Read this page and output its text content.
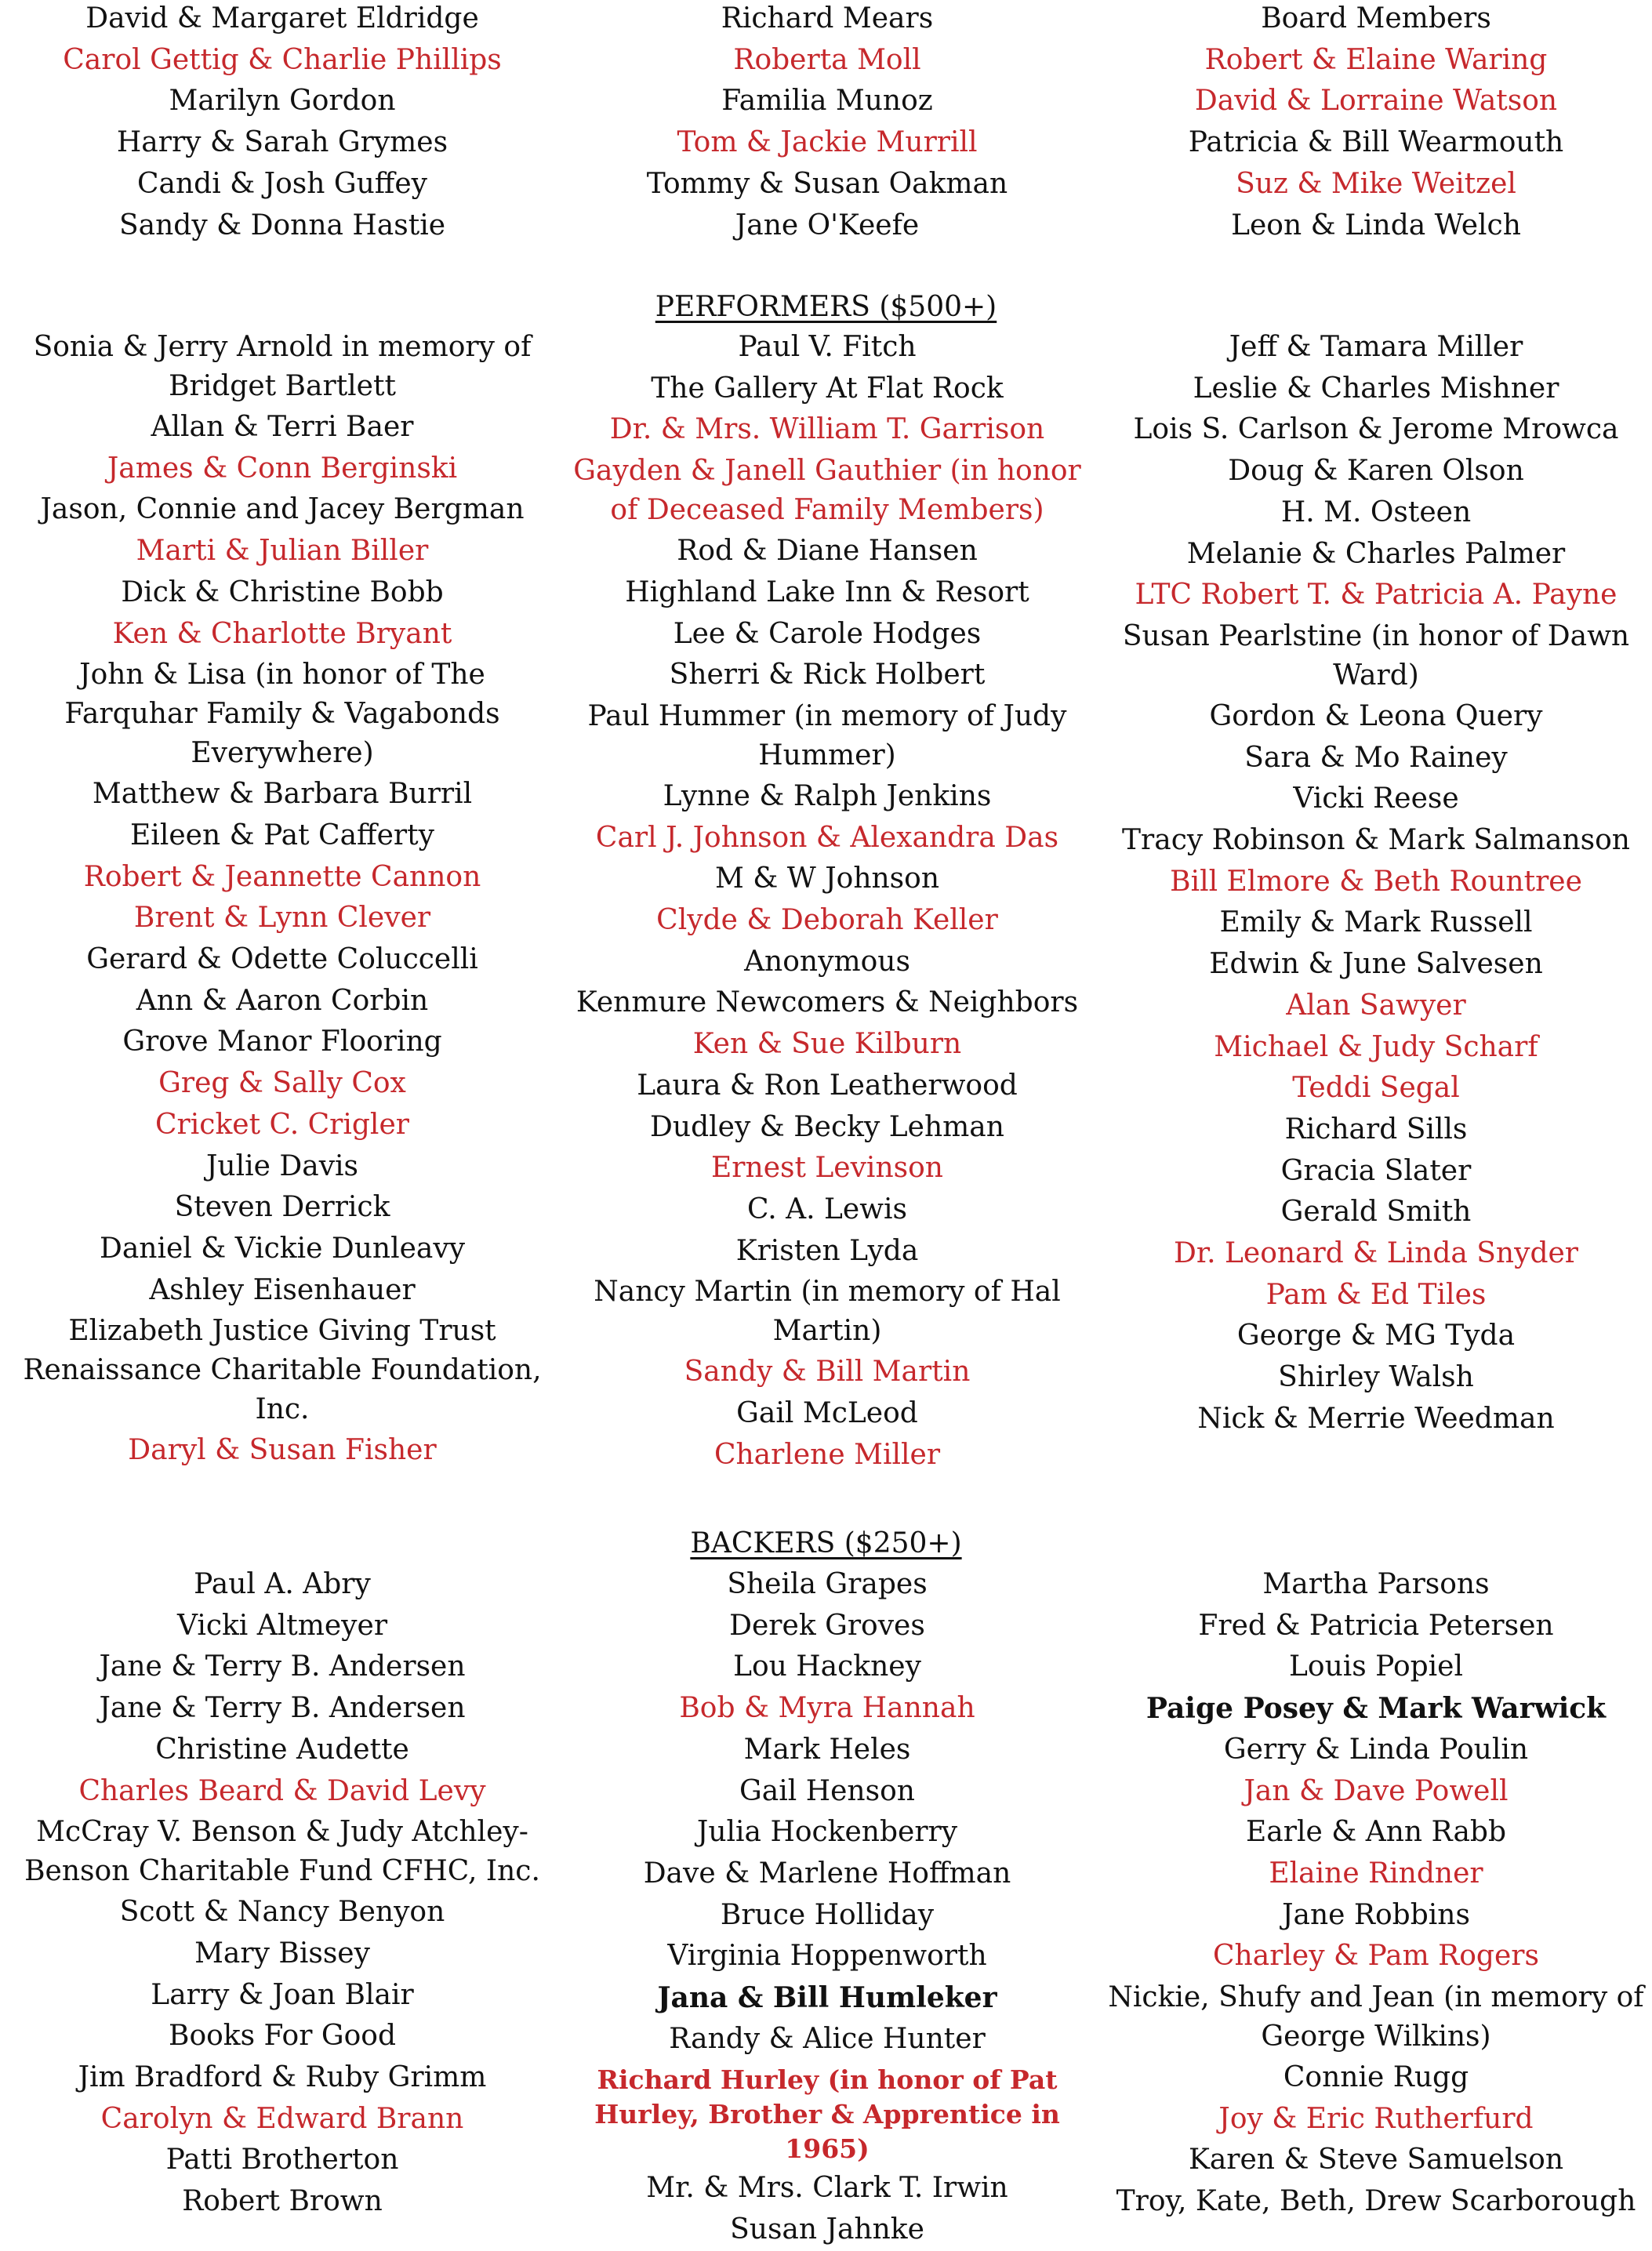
David & Margaret Eldridge
Carol Gettig & Charlie Phillips
Marilyn Gordon
Harry & Sarah Grymes
Candi & Josh Guffey
Sandy & Donna Hastie
Richard Mears
Roberta Moll
Familia Munoz
Tom & Jackie Murrill
Tommy & Susan Oakman
Jane O'Keefe
Board Members
Robert & Elaine Waring
David & Lorraine Watson
Patricia & Bill Wearmouth
Suz & Mike Weitzel
Leon & Linda Welch
PERFORMERS ($500+)
Sonia & Jerry Arnold in memory of Bridget Bartlett
Allan & Terri Baer
James & Conn Berginski
Jason, Connie and Jacey Bergman
Marti & Julian Biller
Dick & Christine Bobb
Ken & Charlotte Bryant
John & Lisa (in honor of The Farquhar Family & Vagabonds Everywhere)
Matthew & Barbara Burril
Eileen & Pat Cafferty
Robert & Jeannette Cannon
Brent & Lynn Clever
Gerard & Odette Coluccelli
Ann & Aaron Corbin
Grove Manor Flooring
Greg & Sally Cox
Cricket C. Crigler
Julie Davis
Steven Derrick
Daniel & Vickie Dunleavy
Ashley Eisenhauer
Elizabeth Justice Giving Trust Renaissance Charitable Foundation, Inc.
Daryl & Susan Fisher
Paul V. Fitch
The Gallery At Flat Rock
Dr. & Mrs. William T. Garrison
Gayden & Janell Gauthier (in honor of Deceased Family Members)
Rod & Diane Hansen
Highland Lake Inn & Resort
Lee & Carole Hodges
Sherri & Rick Holbert
Paul Hummer (in memory of Judy Hummer)
Lynne & Ralph Jenkins
Carl J. Johnson & Alexandra Das
M & W Johnson
Clyde & Deborah Keller
Anonymous
Kenmure Newcomers & Neighbors
Ken & Sue Kilburn
Laura & Ron Leatherwood
Dudley & Becky Lehman
Ernest Levinson
C. A. Lewis
Kristen Lyda
Nancy Martin (in memory of Hal Martin)
Sandy & Bill Martin
Gail McLeod
Charlene Miller
Jeff & Tamara Miller
Leslie & Charles Mishner
Lois S. Carlson & Jerome Mrowca
Doug & Karen Olson
H. M. Osteen
Melanie & Charles Palmer
LTC Robert T. & Patricia A. Payne
Susan Pearlstine (in honor of Dawn Ward)
Gordon & Leona Query
Sara & Mo Rainey
Vicki Reese
Tracy Robinson & Mark Salmanson
Bill Elmore & Beth Rountree
Emily & Mark Russell
Edwin & June Salvesen
Alan Sawyer
Michael & Judy Scharf
Teddi Segal
Richard Sills
Gracia Slater
Gerald Smith
Dr. Leonard & Linda Snyder
Pam & Ed Tiles
George & MG Tyda
Shirley Walsh
Nick & Merrie Weedman
BACKERS ($250+)
Paul A. Abry
Vicki Altmeyer
Jane & Terry B. Andersen
Jane & Terry B. Andersen
Christine Audette
Charles Beard & David Levy
McCray V. Benson & Judy Atchley-Benson Charitable Fund CFHC, Inc.
Scott & Nancy Benyon
Mary Bissey
Larry & Joan Blair
Books For Good
Jim Bradford & Ruby Grimm
Carolyn & Edward Brann
Patti Brotherton
Robert Brown
Sheila Grapes
Derek Groves
Lou Hackney
Bob & Myra Hannah
Mark Heles
Gail Henson
Julia Hockenberry
Dave & Marlene Hoffman
Bruce Holliday
Virginia Hoppenworth
Jana & Bill Humleker
Randy & Alice Hunter
Richard Hurley (in honor of Pat Hurley, Brother & Apprentice in 1965)
Mr. & Mrs. Clark T. Irwin
Susan Jahnke
Martha Parsons
Fred & Patricia Petersen
Louis Popiel
Paige Posey & Mark Warwick
Gerry & Linda Poulin
Jan & Dave Powell
Earle & Ann Rabb
Elaine Rindner
Jane Robbins
Charley & Pam Rogers
Nickie, Shufy and Jean (in memory of George Wilkins)
Connie Rugg
Joy & Eric Rutherfurd
Karen & Steve Samuelson
Troy, Kate, Beth, Drew Scarborough
